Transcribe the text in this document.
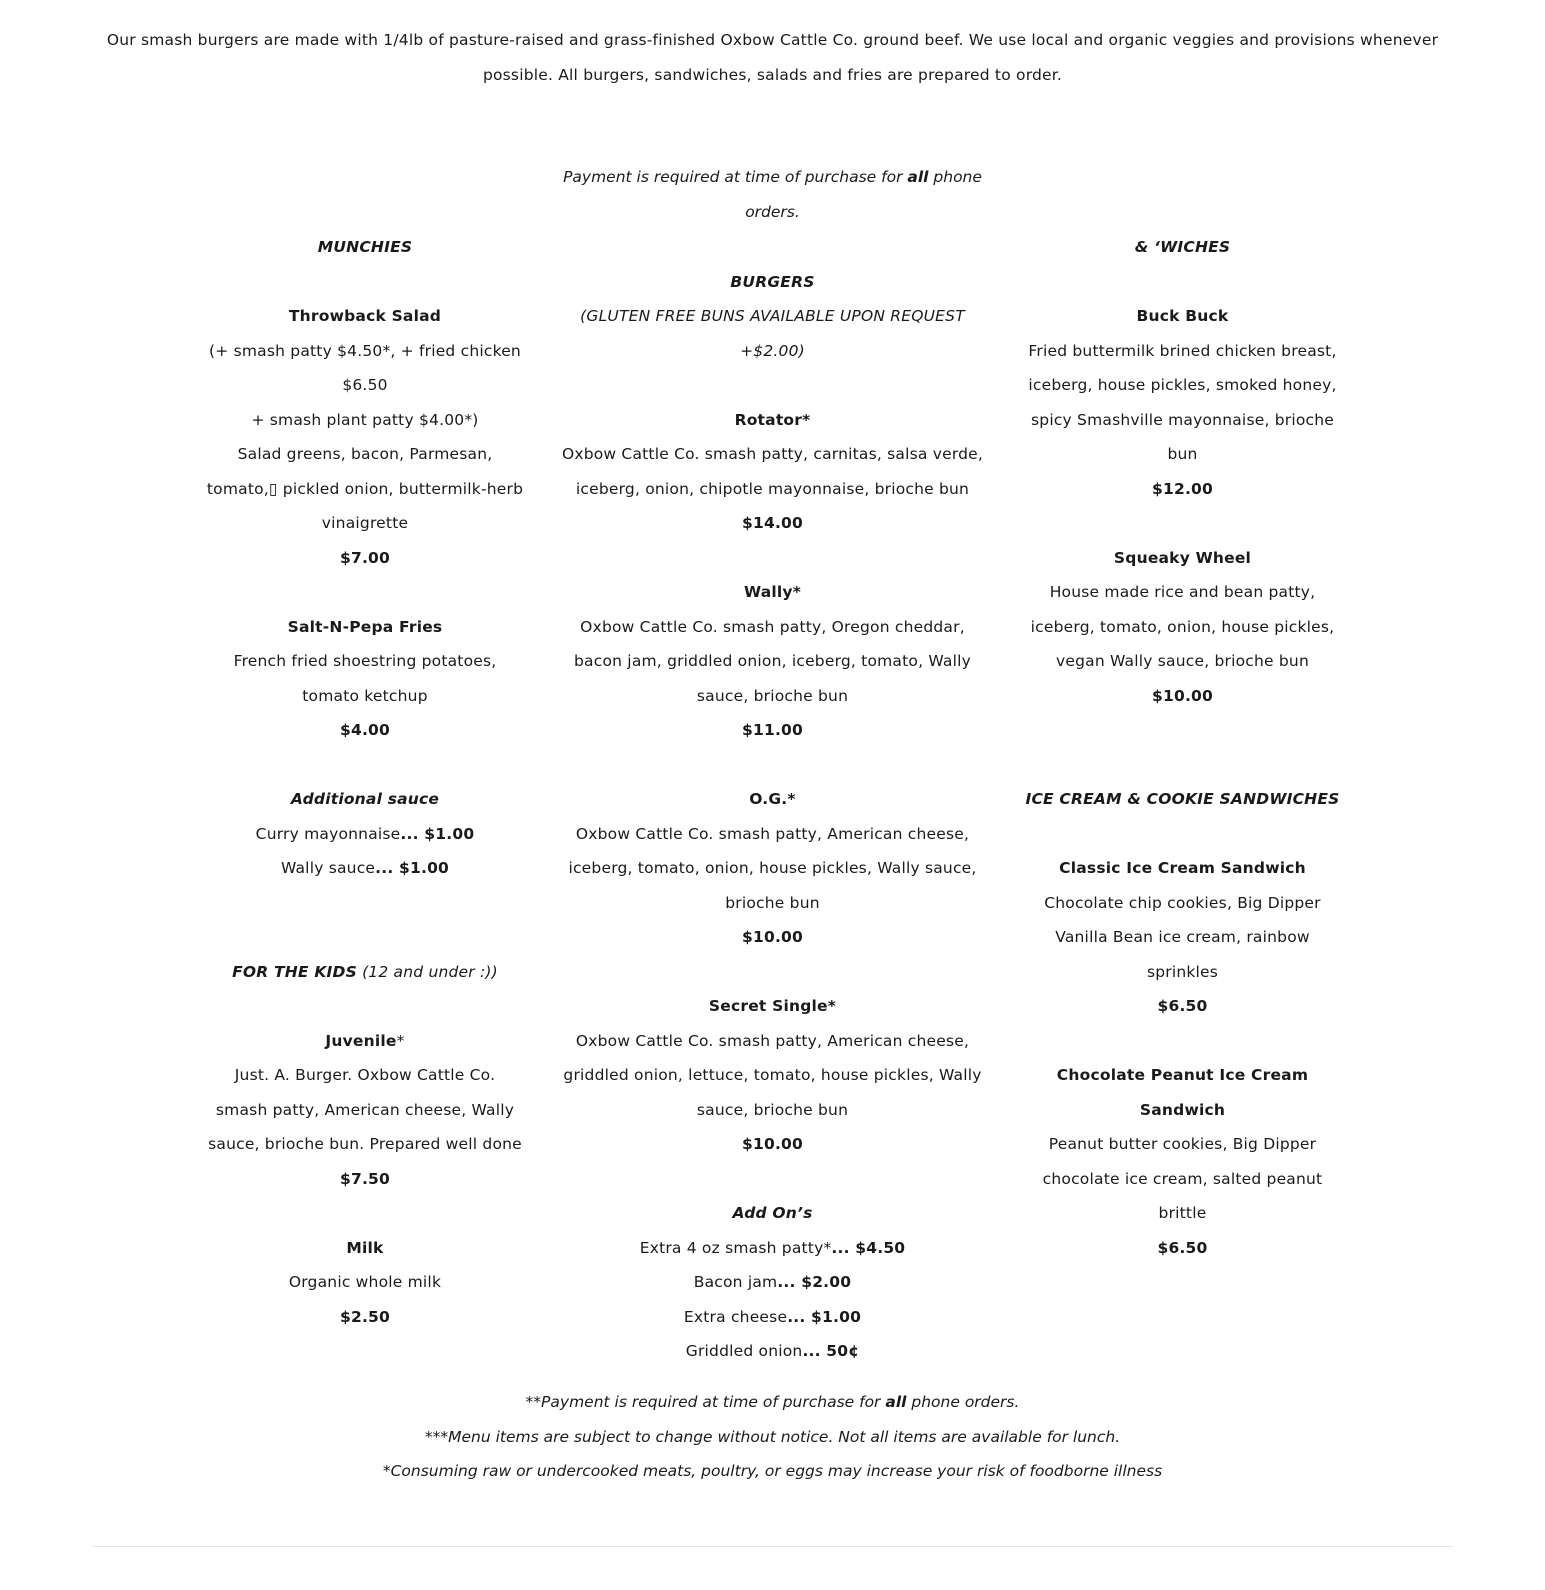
Our smash burgers are made with 1/4lb of pasture-raised and grass-finished Oxbow Cattle Co. ground beef. We use local and organic veggies and provisions whenever
possible. All burgers, sandwiches, salads and fries are prepared to order.
Payment is required at time of purchase for all phone
orders.
MUNCHIES
Throwback Salad
(+ smash patty $4.50*, + fried chicken
$6.50
+ smash plant patty $4.00*)
Salad greens, bacon, Parmesan,
tomato,▯ pickled onion, buttermilk-herb
vinaigrette
$7.00
Salt-N-Pepa Fries
French fried shoestring potatoes,
tomato ketchup
$4.00
Additional sauce
Curry mayonnaise... $1.00
Wally sauce... $1.00
FOR THE KIDS (12 and under :))
Juvenile*
Just. A. Burger. Oxbow Cattle Co.
smash patty, American cheese, Wally
sauce, brioche bun. Prepared well done
$7.50
Milk
Organic whole milk
$2.50
BURGERS
(GLUTEN FREE BUNS AVAILABLE UPON REQUEST
+$2.00)
Rotator*
Oxbow Cattle Co. smash patty, carnitas, salsa verde,
iceberg, onion, chipotle mayonnaise, brioche bun
$14.00
Wally*
Oxbow Cattle Co. smash patty, Oregon cheddar,
bacon jam, griddled onion, iceberg, tomato, Wally
sauce, brioche bun
$11.00
O.G.*
Oxbow Cattle Co. smash patty, American cheese,
iceberg, tomato, onion, house pickles, Wally sauce,
brioche bun
$10.00
Secret Single*
Oxbow Cattle Co. smash patty, American cheese,
griddled onion, lettuce, tomato, house pickles, Wally
sauce, brioche bun
$10.00
Add On’s
Extra 4 oz smash patty*... $4.50
Bacon jam... $2.00
Extra cheese... $1.00
Griddled onion... 50¢
& ‘WICHES
Buck Buck
Fried buttermilk brined chicken breast,
iceberg, house pickles, smoked honey,
spicy Smashville mayonnaise, brioche
bun
$12.00
Squeaky Wheel
House made rice and bean patty,
iceberg, tomato, onion, house pickles,
vegan Wally sauce, brioche bun
$10.00
ICE CREAM & COOKIE SANDWICHES
Classic Ice Cream Sandwich
Chocolate chip cookies, Big Dipper
Vanilla Bean ice cream, rainbow
sprinkles
$6.50
Chocolate Peanut Ice Cream
Sandwich
Peanut butter cookies, Big Dipper
chocolate ice cream, salted peanut
brittle
$6.50
**Payment is required at time of purchase for all phone orders.
***Menu items are subject to change without notice. Not all items are available for lunch.
*Consuming raw or undercooked meats, poultry, or eggs may increase your risk of foodborne illness
